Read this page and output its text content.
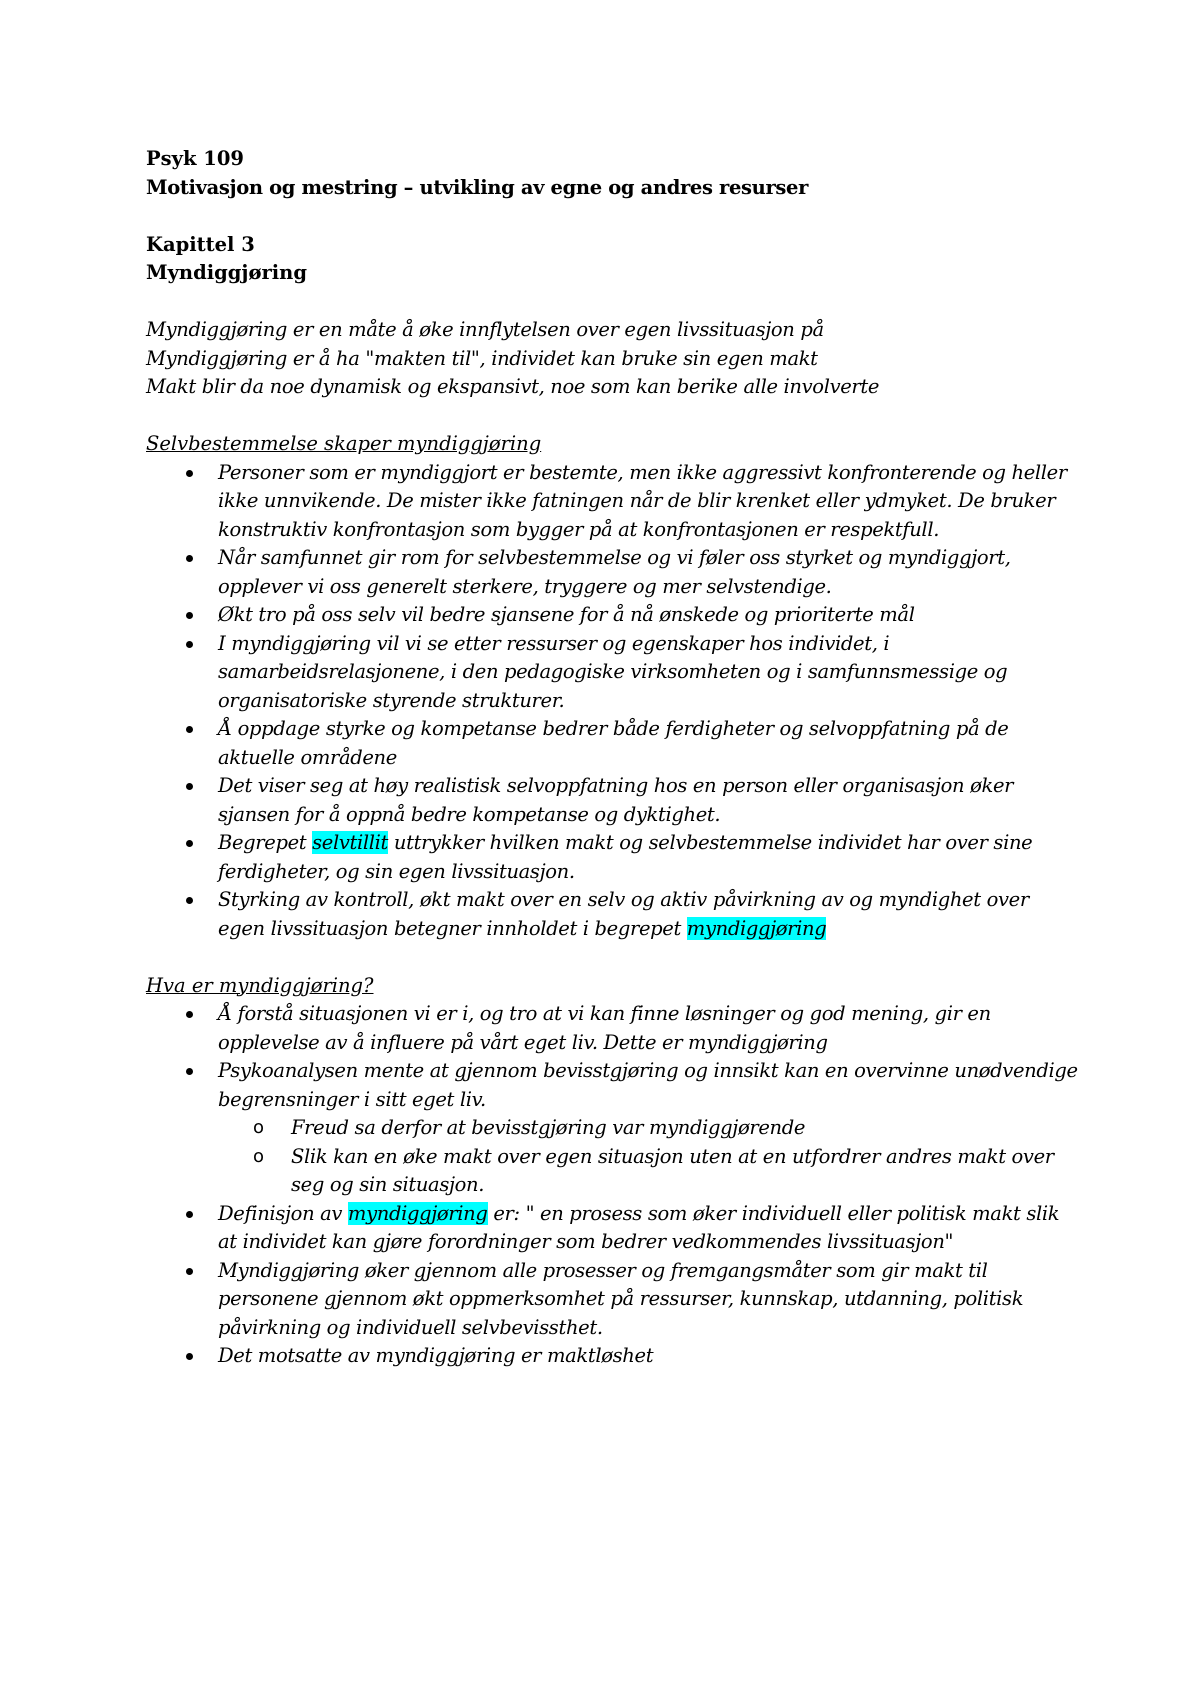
Psyk 109
Motivasjon og mestring – utvikling av egne og andres resurser
Kapittel 3
Myndiggjøring
Myndiggjøring er en måte å øke innflytelsen over egen livssituasjon på
Myndiggjøring er å ha "makten til", individet kan bruke sin egen makt
Makt blir da noe dynamisk og ekspansivt, noe som kan berike alle involverte
Selvbestemmelse skaper myndiggjøring
Personer som er myndiggjort er bestemte, men ikke aggressivt konfronterende og heller ikke unnvikende. De mister ikke fatningen når de blir krenket eller ydmyket. De bruker konstruktiv konfrontasjon som bygger på at konfrontasjonen er respektfull.
Når samfunnet gir rom for selvbestemmelse og vi føler oss styrket og myndiggjort, opplever vi oss generelt sterkere, tryggere og mer selvstendige.
Økt tro på oss selv vil bedre sjansene for å nå ønskede og prioriterte mål
I myndiggjøring vil vi se etter ressurser og egenskaper hos individet, i samarbeidsrelasjonene, i den pedagogiske virksomheten og i samfunnsmessige og organisatoriske styrende strukturer.
Å oppdage styrke og kompetanse bedrer både ferdigheter og selvoppfatning på de aktuelle områdene
Det viser seg at høy realistisk selvoppfatning hos en person eller organisasjon øker sjansen for å oppnå bedre kompetanse og dyktighet.
Begrepet selvtillit uttrykker hvilken makt og selvbestemmelse individet har over sine ferdigheter, og sin egen livssituasjon.
Styrking av kontroll, økt makt over en selv og aktiv påvirkning av og myndighet over egen livssituasjon betegner innholdet i begrepet myndiggjøring
Hva er myndiggjøring?
Å forstå situasjonen vi er i, og tro at vi kan finne løsninger og god mening, gir en opplevelse av å influere på vårt eget liv. Dette er myndiggjøring
Psykoanalysen mente at gjennom bevisstgjøring og innsikt kan en overvinne unødvendige begrensninger i sitt eget liv.
o Freud sa derfor at bevisstgjøring var myndiggjørende
o Slik kan en øke makt over egen situasjon uten at en utfordrer andres makt over seg og sin situasjon.
Definisjon av myndiggjøring er: " en prosess som øker individuell eller politisk makt slik at individet kan gjøre forordninger som bedrer vedkommendes livssituasjon"
Myndiggjøring øker gjennom alle prosesser og fremgangsmåter som gir makt til personene gjennom økt oppmerksomhet på ressurser, kunnskap, utdanning, politisk påvirkning og individuell selvbevissthet.
Det motsatte av myndiggjøring er maktløshet
